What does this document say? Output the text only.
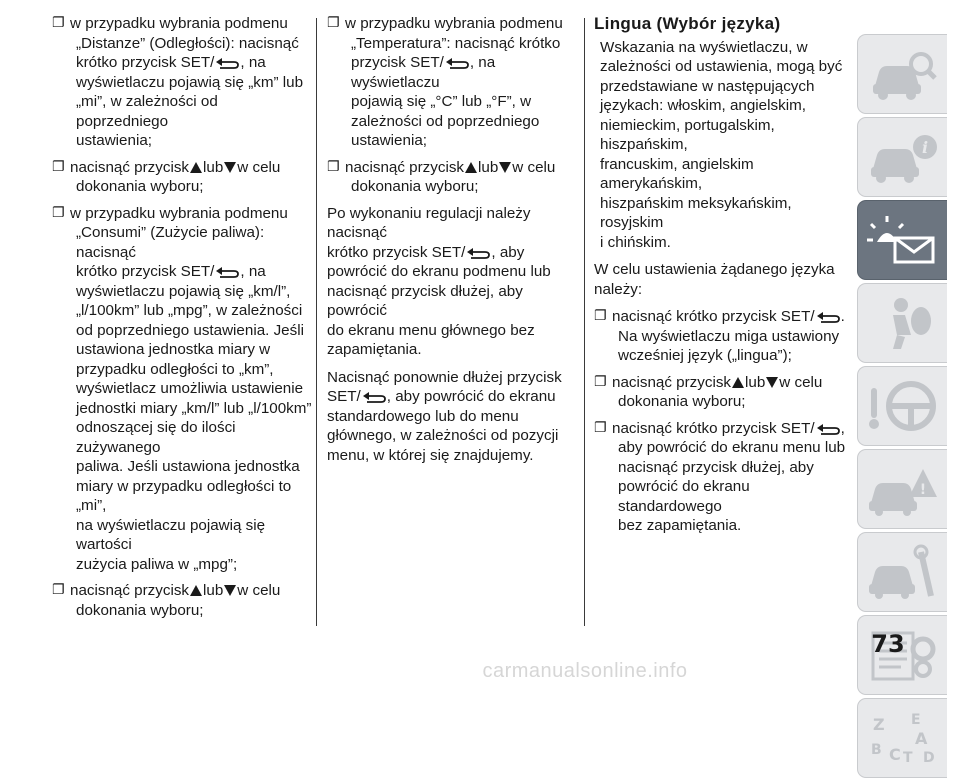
❐ w przypadku wybrania podmenu
„Distanze” (Odległości): nacisnąć
krótko przycisk SET/ , na
wyświetlaczu pojawią się „km” lub
„mi”, w zależności od poprzedniego
ustawienia;
❐ nacisnąć przycisk lub w celu
dokonania wyboru;
❐ w przypadku wybrania podmenu
„Consumi” (Zużycie paliwa): nacisnąć
krótko przycisk SET/ , na
wyświetlaczu pojawią się „km/l”,
„l/100km” lub „mpg”, w zależności
od poprzedniego ustawienia. Jeśli
ustawiona jednostka miary w
przypadku odległości to „km”,
wyświetlacz umożliwia ustawienie
jednostki miary „km/l” lub „l/100km”
odnoszącej się do ilości zużywanego
paliwa. Jeśli ustawiona jednostka
miary w przypadku odległości to „mi”,
na wyświetlaczu pojawią się wartości
zużycia paliwa w „mpg”;
❐ nacisnąć przycisk lub w celu
dokonania wyboru;
❐ w przypadku wybrania podmenu
„Temperatura”: nacisnąć krótko
przycisk SET/ , na wyświetlaczu
pojawią się „°C” lub „°F”, w
zależności od poprzedniego
ustawienia;
❐ nacisnąć przycisk lub w celu
dokonania wyboru;
Po wykonaniu regulacji należy nacisnąć
krótko przycisk SET/ , aby
powrócić do ekranu podmenu lub
nacisnąć przycisk dłużej, aby powrócić
do ekranu menu głównego bez
zapamiętania.
Nacisnąć ponownie dłużej przycisk
SET/ , aby powrócić do ekranu
standardowego lub do menu
głównego, w zależności od pozycji
menu, w której się znajdujemy.
Lingua (Wybór języka)
Wskazania na wyświetlaczu, w
zależności od ustawienia, mogą być
przedstawiane w następujących
językach: włoskim, angielskim,
niemieckim, portugalskim, hiszpańskim,
francuskim, angielskim amerykańskim,
hiszpańskim meksykańskim, rosyjskim
i chińskim.
W celu ustawienia żądanego języka
należy:
❐ nacisnąć krótko przycisk SET/ .
Na wyświetlaczu miga ustawiony
wcześniej język („lingua”);
❐ nacisnąć przycisk lub w celu
dokonania wyboru;
❐ nacisnąć krótko przycisk SET/ ,
aby powrócić do ekranu menu lub
nacisnąć przycisk dłużej, aby
powrócić do ekranu standardowego
bez zapamiętania.
i
!
Z E
A
B C T D
73
carmanualsonline.info
